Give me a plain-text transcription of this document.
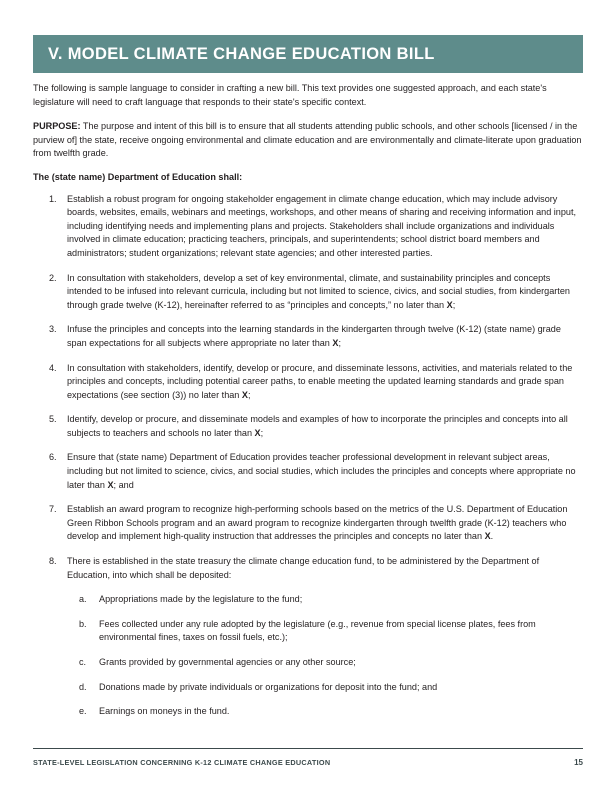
V. MODEL CLIMATE CHANGE EDUCATION BILL

The following is sample language to consider in crafting a new bill. This text provides one suggested approach, and each state's legislature will need to craft language that responds to their state's specific context.

PURPOSE: The purpose and intent of this bill is to ensure that all students attending public schools, and other schools [licensed / in the purview of] the state, receive ongoing environmental and climate education and are environmentally and climate-literate upon graduation from twelfth grade.

The (state name) Department of Education shall:

1.	Establish a robust program for ongoing stakeholder engagement in climate change education, which may include advisory boards, websites, emails, webinars and meetings, workshops, and other means of sharing and receiving information and input, including identifying needs and implementing plans and projects. Stakeholders shall include organizations and individuals involved in climate education; practicing teachers, principals, and superintendents; school district board members and administrators; student organizations; relevant state agencies; and other interested parties.
2.	In consultation with stakeholders, develop a set of key environmental, climate, and sustainability principles and concepts intended to be infused into relevant curricula, including but not limited to science, civics, and social studies, from kindergarten through grade twelve (K-12), hereinafter referred to as “principles and concepts,” no later than X;
3.	Infuse the principles and concepts into the learning standards in the kindergarten through twelve (K-12) (state name) grade span expectations for all subjects where appropriate no later than X;
4.	In consultation with stakeholders, identify, develop or procure, and disseminate lessons, activities, and materials related to the principles and concepts, including potential career paths, to enable meeting the updated learning standards and grade span expectations (see section (3)) no later than X;
5.	Identify, develop or procure, and disseminate models and examples of how to incorporate the principles and concepts into all subjects to teachers and schools no later than X;
6.	Ensure that (state name) Department of Education provides teacher professional development in relevant subject areas, including but not limited to science, civics, and social studies, which includes the principles and concepts where appropriate no later than X; and
7.	Establish an award program to recognize high-performing schools based on the metrics of the U.S. Department of Education Green Ribbon Schools program and an award program to recognize kindergarten through twelfth grade (K-12) teachers who develop and implement high-quality instruction that addresses the principles and concepts no later than X.
8.	There is established in the state treasury the climate change education fund, to be administered by the Department of Education, into which shall be deposited:
a.	Appropriations made by the legislature to the fund;
b.	Fees collected under any rule adopted by the legislature (e.g., revenue from special license plates, fees from environmental fines, taxes on fossil fuels, etc.);
c.	Grants provided by governmental agencies or any other source;
d.	Donations made by private individuals or organizations for deposit into the fund; and
e.	Earnings on moneys in the fund.
STATE-LEVEL LEGISLATION CONCERNING K-12 CLIMATE CHANGE EDUCATION	15
